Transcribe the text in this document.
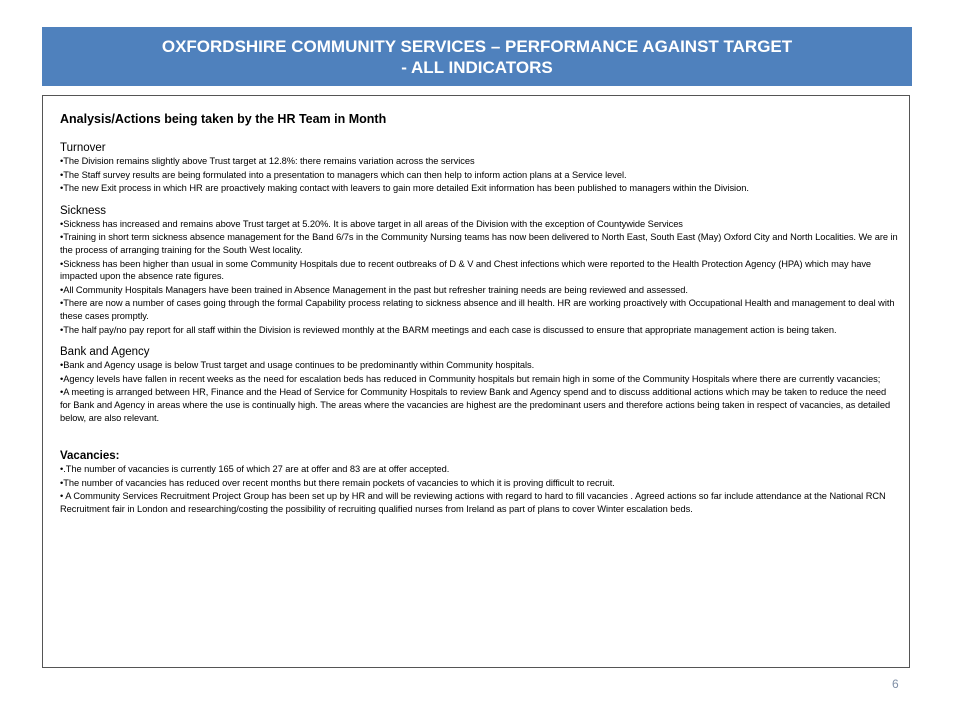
OXFORDSHIRE COMMUNITY SERVICES – PERFORMANCE AGAINST TARGET
- ALL INDICATORS
Analysis/Actions being taken by the HR Team in Month
Turnover
•The Division remains slightly above Trust target at 12.8%: there remains variation across the services
•The Staff survey results are being formulated into a presentation to managers which can then help to inform action plans at a Service level.
•The new Exit process in which HR are proactively making contact with leavers to gain more detailed Exit information has been published to managers within the Division.
Sickness
•Sickness has increased and remains above Trust target at 5.20%. It is above target in all areas of the Division with the exception of Countywide Services
•Training in short term sickness absence management for the Band 6/7s in the Community Nursing teams has now been delivered to North East, South East (May) Oxford City and North Localities. We are in the process of arranging training for the South West locality.
•Sickness has been higher than usual in some Community Hospitals due to recent outbreaks of D & V and Chest infections which were reported to the Health Protection Agency (HPA) which may have impacted upon the absence rate figures.
•All Community Hospitals Managers have been trained in Absence Management in the past but refresher training needs are being reviewed and assessed.
•There are now a number of cases going through the formal Capability process relating to sickness absence and ill health. HR are working proactively with Occupational Health and management to deal with these cases promptly.
•The half pay/no pay report for all staff within the Division is reviewed monthly at the BARM meetings and each case is discussed to ensure that appropriate management action is being taken.
Bank and Agency
•Bank and Agency usage is below Trust target and usage continues to be predominantly within Community hospitals.
•Agency levels have fallen in recent weeks as the need for escalation beds has reduced in Community hospitals but remain high in some of the Community Hospitals where there are currently vacancies;
•A meeting is arranged between HR, Finance and the Head of Service for Community Hospitals to review Bank and Agency spend and to discuss additional actions which may be taken to reduce the need for Bank and Agency in areas where the use is continually high. The areas where the vacancies are highest are the predominant users and therefore actions being taken in respect of vacancies, as detailed below, are also relevant.
Vacancies:
•.The number of vacancies is currently 165 of which 27 are at offer and 83 are at offer accepted.
•The number of vacancies has reduced over recent months but there remain pockets of vacancies to which it is proving difficult to recruit.
• A Community Services Recruitment Project Group has been set up by HR and will be reviewing actions with regard to hard to fill vacancies . Agreed actions so far include attendance at the National RCN Recruitment fair in London and researching/costing the possibility of recruiting qualified nurses from Ireland as part of plans to cover Winter escalation beds.
6
